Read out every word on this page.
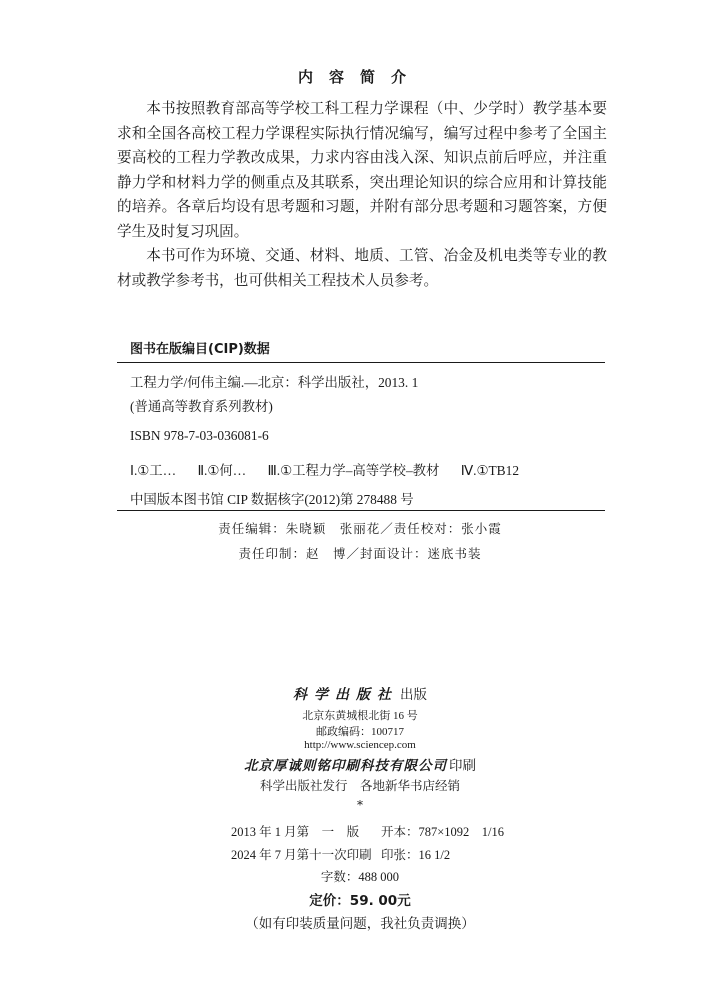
内容简介

本书按照教育部高等学校工科工程力学课程（中、少学时）教学基本要求和全国各高校工程力学课程实际执行情况编写，编写过程中参考了全国主要高校的工程力学教改成果，力求内容由浅入深、知识点前后呼应，并注重静力学和材料力学的侧重点及其联系，突出理论知识的综合应用和计算技能的培养。各章后均设有思考题和习题，并附有部分思考题和习题答案，方便学生及时复习巩固。

本书可作为环境、交通、材料、地质、工管、冶金及机电类等专业的教材或教学参考书，也可供相关工程技术人员参考。

图书在版编目(CIP)数据
工程力学/何伟主编.—北京：科学出版社，2013. 1
(普通高等教育系列教材)
ISBN 978-7-03-036081-6
Ⅰ.①工… Ⅱ.①何… Ⅲ.①工程力学–高等学校–教材 Ⅳ.①TB12
中国版本图书馆 CIP 数据核字(2012)第 278488 号
责任编辑：朱晓颖　张丽花／责任校对：张小霞
责任印制：赵　博／封面设计：迷底书装
科学出版社 出版
北京东黄城根北街 16 号
邮政编码：100717
http://www.sciencep.com
北京厚诚则铭印刷科技有限公司 印刷
科学出版社发行　各地新华书店经销
*
2013 年 1 月第　一　版 开本：787×1092　1/16
2024 年 7 月第十一次印刷 印张：16 1/2
字数：488 000
定价：59. 00元
（如有印装质量问题，我社负责调换）
